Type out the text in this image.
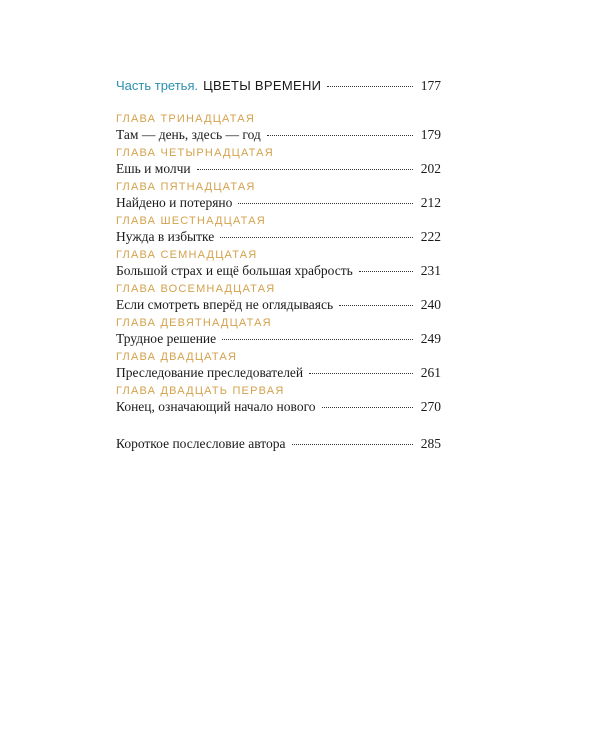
Часть третья. ЦВЕТЫ ВРЕМЕНИ	177
ГЛАВА ТРИНАДЦАТАЯ
Там — день, здесь — год	179
ГЛАВА ЧЕТЫРНАДЦАТАЯ
Ешь и молчи	202
ГЛАВА ПЯТНАДЦАТАЯ
Найдено и потеряно	212
ГЛАВА ШЕСТНАДЦАТАЯ
Нужда в избытке	222
ГЛАВА СЕМНАДЦАТАЯ
Большой страх и ещё большая храбрость	231
ГЛАВА ВОСЕМНАДЦАТАЯ
Если смотреть вперёд не оглядываясь	240
ГЛАВА ДЕВЯТНАДЦАТАЯ
Трудное решение	249
ГЛАВА ДВАДЦАТАЯ
Преследование преследователей	261
ГЛАВА ДВАДЦАТЬ ПЕРВАЯ
Конец, означающий начало нового	270
Короткое послесловие автора	285
